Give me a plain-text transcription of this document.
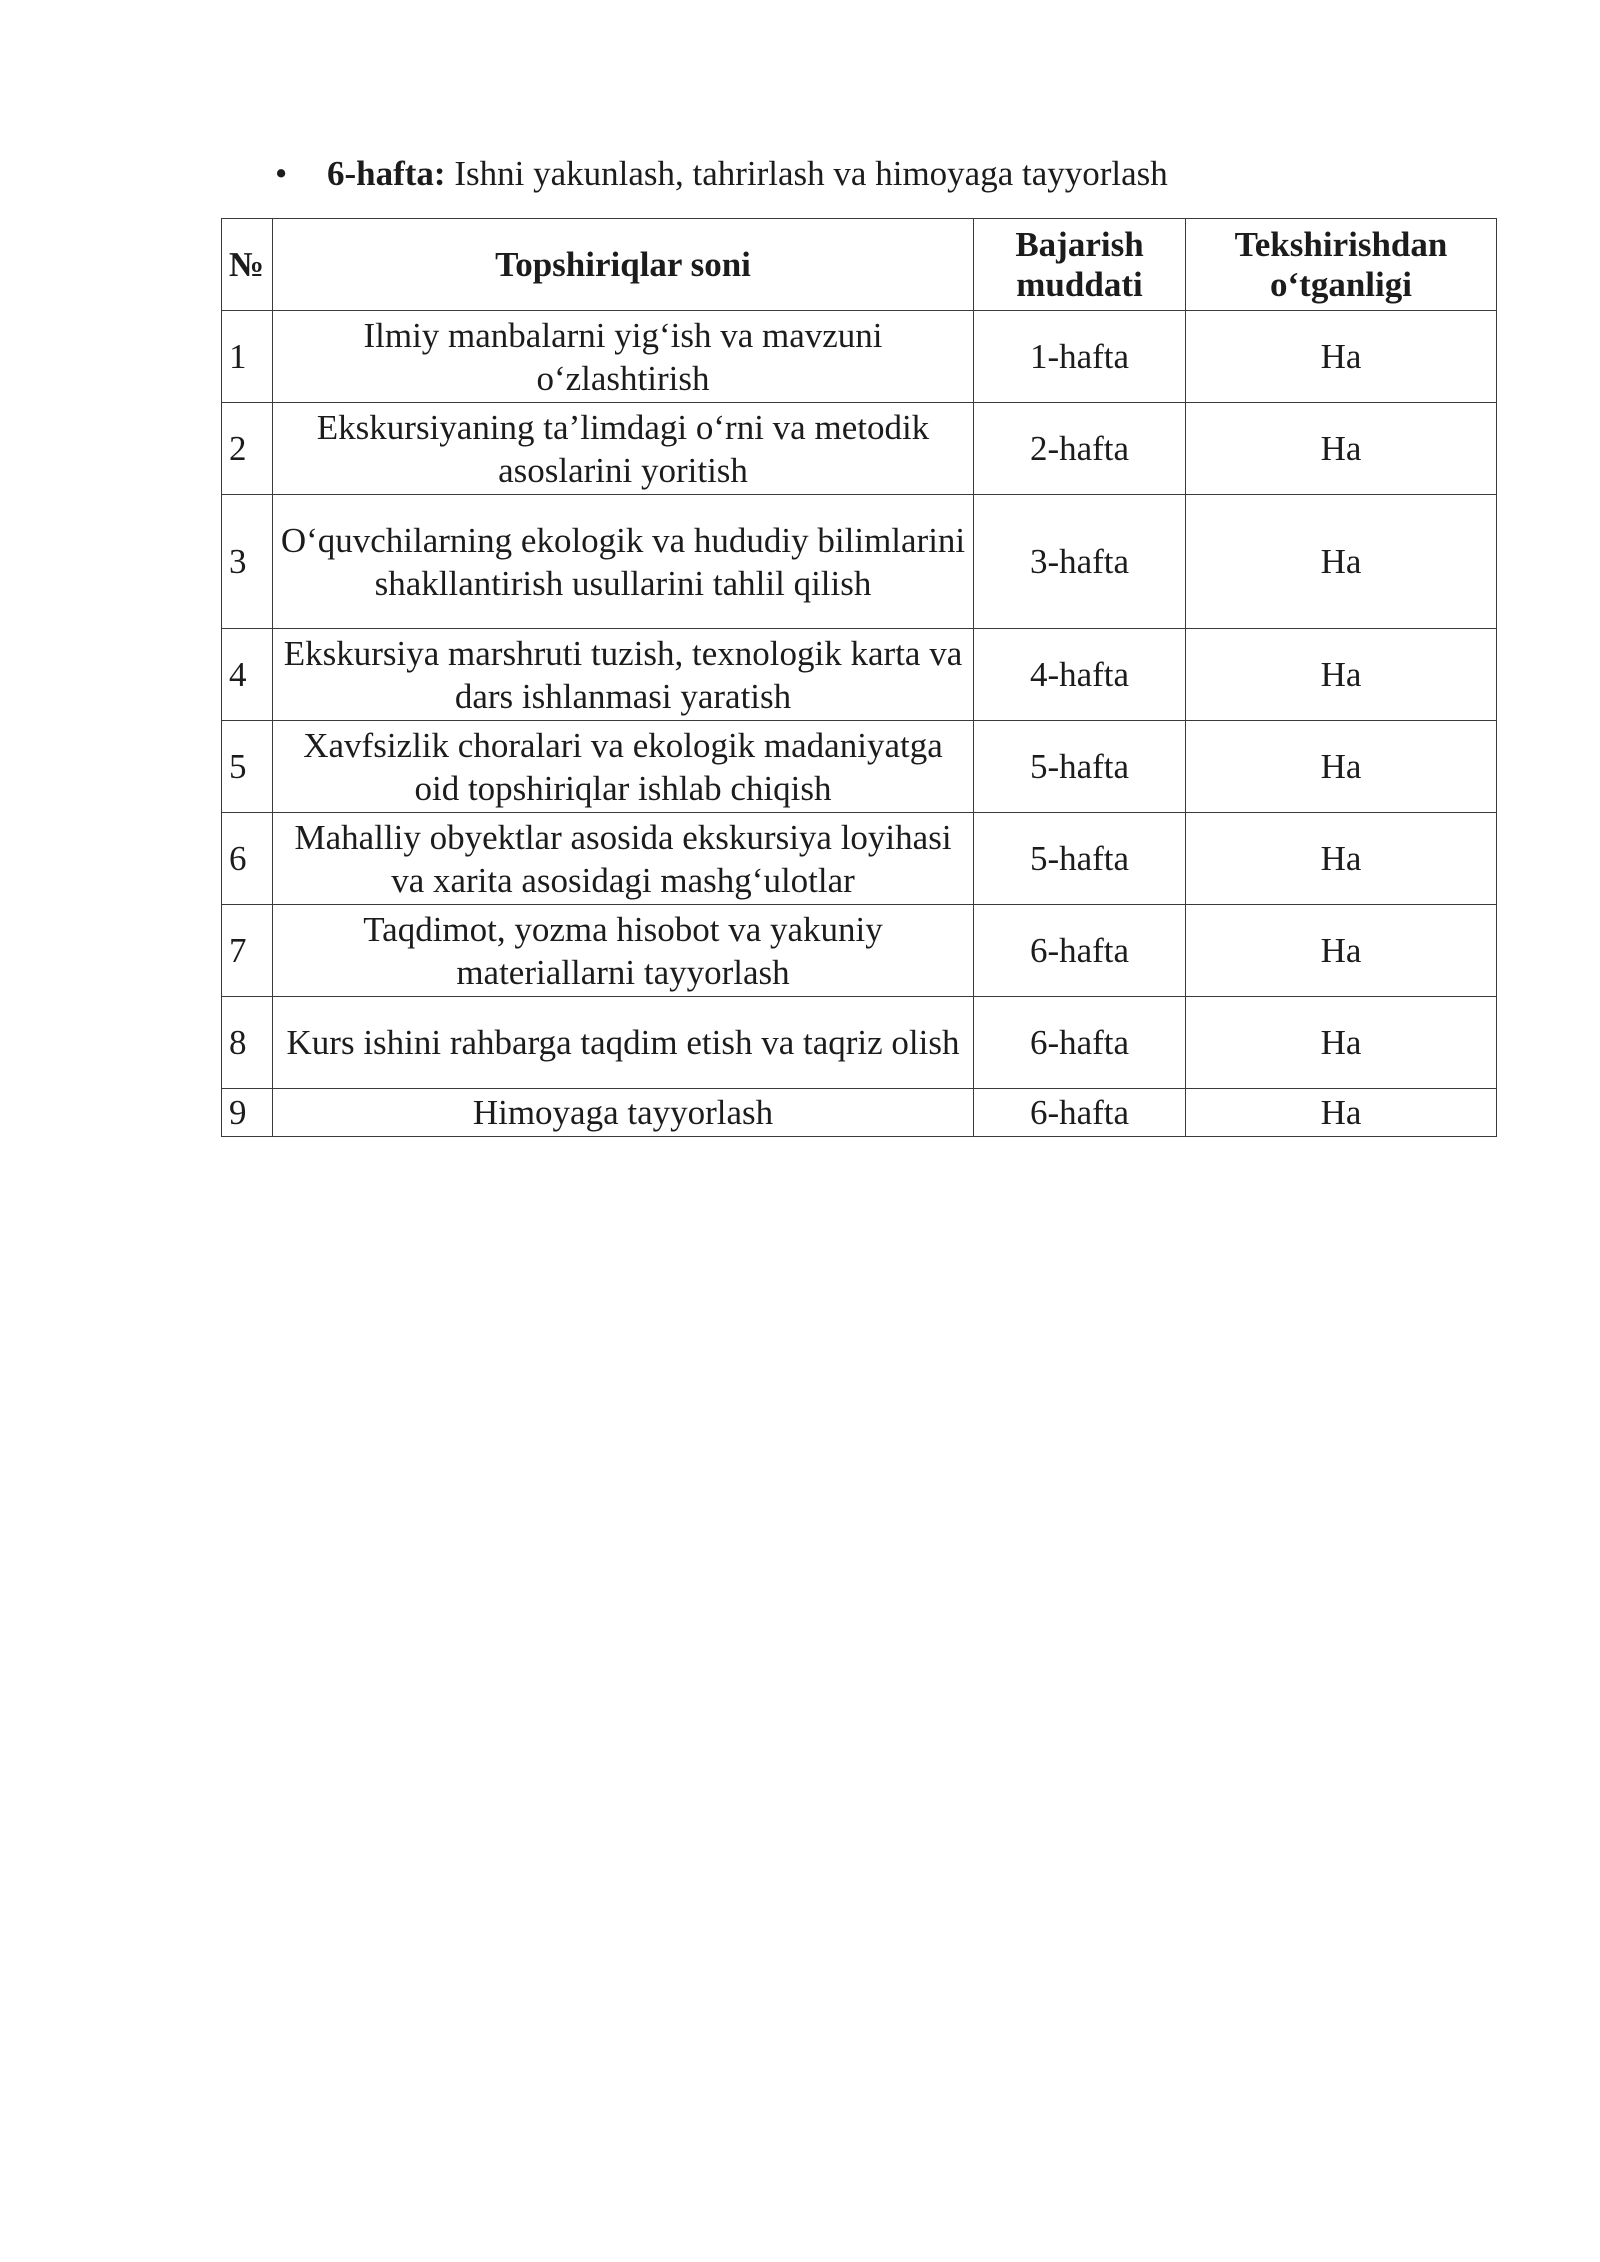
• 6-hafta: Ishni yakunlash, tahrirlash va himoyaga tayyorlash
№	Topshiriqlar soni	Bajarish muddati	Tekshirishdan o‘tganligi
1	Ilmiy manbalarni yig‘ish va mavzuni o‘zlashtirish	1-hafta	Ha
2	Ekskursiyaning ta’limdagi o‘rni va metodik asoslarini yoritish	2-hafta	Ha
3	O‘quvchilarning ekologik va hududiy bilimlarini shakllantirish usullarini tahlil qilish	3-hafta	Ha
4	Ekskursiya marshruti tuzish, texnologik karta va dars ishlanmasi yaratish	4-hafta	Ha
5	Xavfsizlik choralari va ekologik madaniyatga oid topshiriqlar ishlab chiqish	5-hafta	Ha
6	Mahalliy obyektlar asosida ekskursiya loyihasi va xarita asosidagi mashg‘ulotlar	5-hafta	Ha
7	Taqdimot, yozma hisobot va yakuniy materiallarni tayyorlash	6-hafta	Ha
8	Kurs ishini rahbarga taqdim etish va taqriz olish	6-hafta	Ha
9	Himoyaga tayyorlash	6-hafta	Ha
